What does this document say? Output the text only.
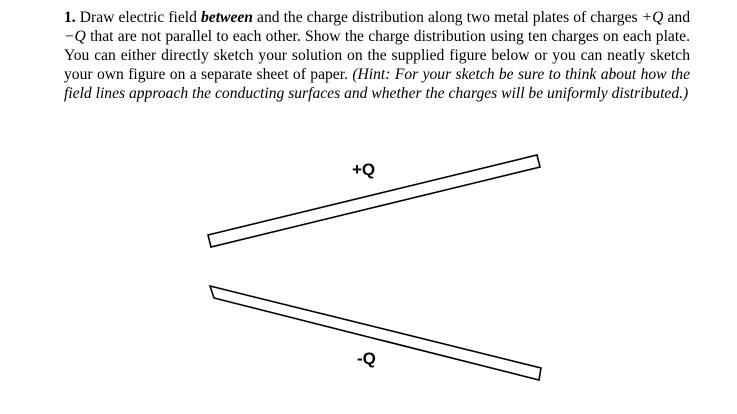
1. Draw electric field between and the charge distribution along two metal plates of charges +Q and −Q that are not parallel to each other. Show the charge distribution using ten charges on each plate. You can either directly sketch your solution on the supplied figure below or you can neatly sketch your own figure on a separate sheet of paper. (Hint: For your sketch be sure to think about how the field lines approach the conducting surfaces and whether the charges will be uniformly distributed.)

+Q
-Q
